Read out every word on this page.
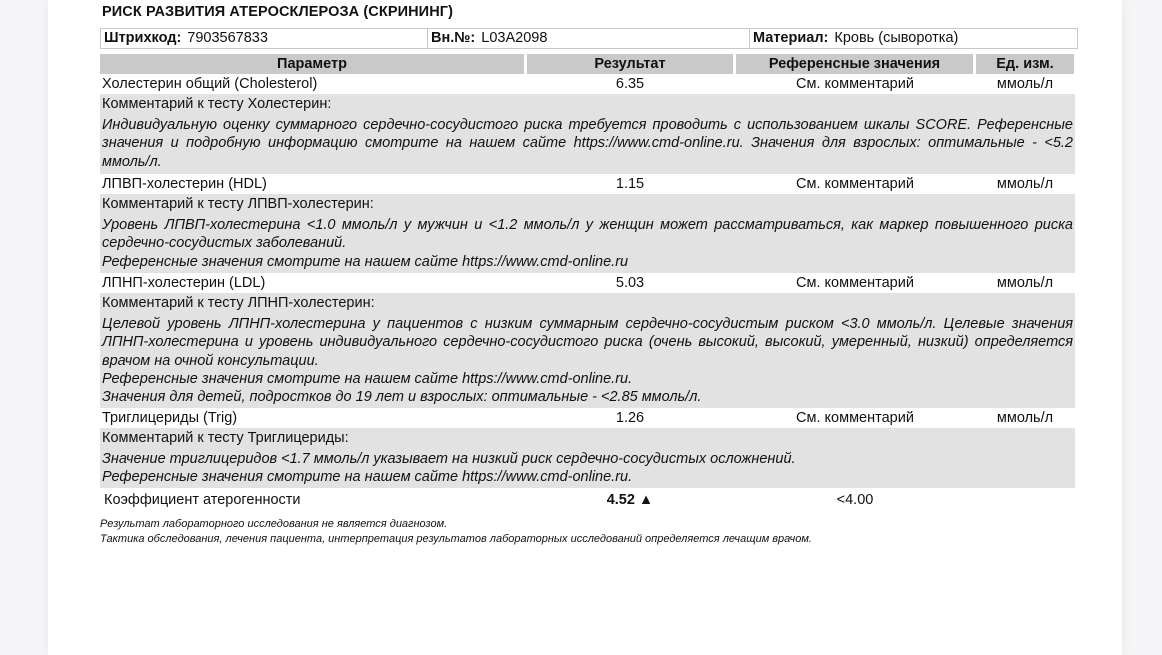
РИСК РАЗВИТИЯ АТЕРОСКЛЕРОЗА (СКРИНИНГ)
Штрихкод: 7903567833	Вн.№: L03A2098	Материал: Кровь (сыворотка)
Параметр	Результат	Референсные значения	Ед. изм.
Холестерин общий (Cholesterol)	6.35	См. комментарий	ммоль/л
Комментарий к тесту Холестерин:

Индивидуальную оценку суммарного сердечно-сосудистого риска требуется проводить с использованием шкалы SCORE. Референсные значения и подробную информацию смотрите на нашем сайте https://www.cmd-online.ru. Значения для взрослых: оптимальные - <5.2 ммоль/л.

ЛПВП-холестерин (HDL)	1.15	См. комментарий	ммоль/л
Комментарий к тесту ЛПВП-холестерин:

Уровень ЛПВП-холестерина <1.0 ммоль/л у мужчин и <1.2 ммоль/л у женщин может рассматриваться, как маркер повышенного риска сердечно-сосудистых заболеваний.

Референсные значения смотрите на нашем сайте https://www.cmd-online.ru

ЛПНП-холестерин (LDL)	5.03	См. комментарий	ммоль/л
Комментарий к тесту ЛПНП-холестерин:

Целевой уровень ЛПНП-холестерина у пациентов с низким суммарным сердечно-сосудистым риском <3.0 ммоль/л. Целевые значения ЛПНП-холестерина и уровень индивидуального сердечно-сосудистого риска (очень высокий, высокий, умеренный, низкий) определяется врачом на очной консультации.

Референсные значения смотрите на нашем сайте https://www.cmd-online.ru.

Значения для детей, подростков до 19 лет и взрослых: оптимальные - <2.85 ммоль/л.

Триглицериды (Trig)	1.26	См. комментарий	ммоль/л
Комментарий к тесту Триглицериды:

Значение триглицеридов <1.7 ммоль/л указывает на низкий риск сердечно-сосудистых осложнений.

Референсные значения смотрите на нашем сайте https://www.cmd-online.ru.

Коэффициент атерогенности	4.52 ▲	<4.00
Результат лабораторного исследования не является диагнозом.
Тактика обследования, лечения пациента, интерпретация результатов лабораторных исследований определяется лечащим врачом.
